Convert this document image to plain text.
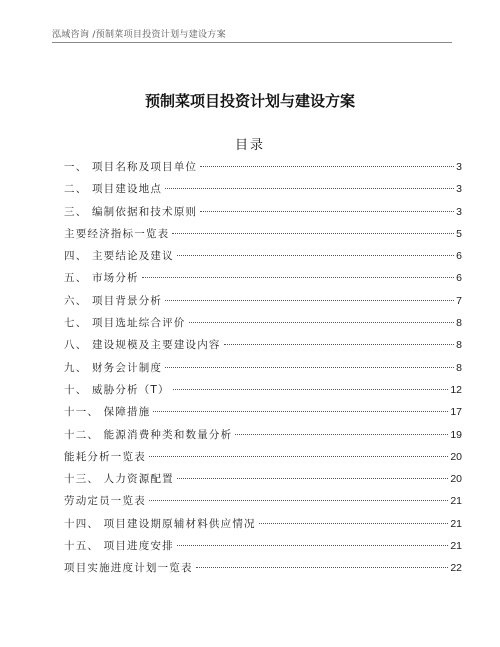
泓域咨询 /预制菜项目投资计划与建设方案
预制菜项目投资计划与建设方案
目录
一、 项目名称及项目单位	3
二、 项目建设地点	3
三、 编制依据和技术原则	3
主要经济指标一览表	5
四、 主要结论及建议	6
五、 市场分析	6
六、 项目背景分析	7
七、 项目选址综合评价	8
八、 建设规模及主要建设内容	8
九、 财务会计制度	8
十、 威胁分析（T）	12
十一、 保障措施	17
十二、 能源消费种类和数量分析	19
能耗分析一览表	20
十三、 人力资源配置	20
劳动定员一览表	21
十四、 项目建设期原辅材料供应情况	21
十五、 项目进度安排	21
项目实施进度计划一览表	22
